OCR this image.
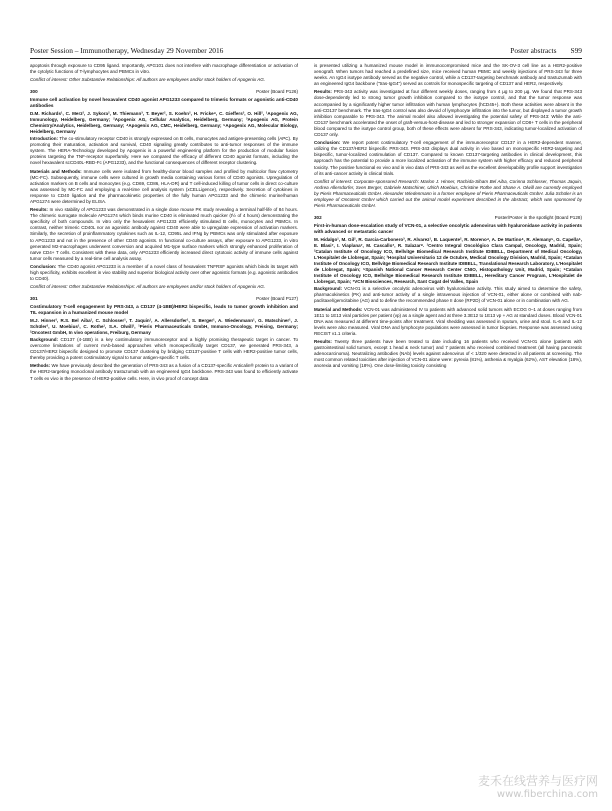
Poster Session – Immunotherapy, Wednesday 29 November 2016	Poster abstracts S99

apoptosis through exposure to CD95 ligand. Importantly, APG101 does not interfere with macrophage differentiation or activation of the cytolytic functions of T-lymphocytes and PBMCs in vitro.

Conflict of interest: Other Substantive Relationships: All authors are employees and/or stock holders of Apogenix AG.

300	Poster (Board P126)

Immune cell activation by novel hexavalent CD40 agonist APG1233 compared to trimeric formats or agonistic anti-CD40 antibodies

D.M. Richards¹, C. Merz², J. Sykora², M. Thiemann³, T. Beyer², S. Koehn², H. Fricke⁴, C. Gieffers³, O. Hill², ¹Apogenix AG, Immunology, Heidelberg, Germany; ²Apogenix AG, Cellular Analytics, Heidelberg, Germany; ³Apogenix AG, Protein Chemistry/Analytics, Heidelberg, Germany; ⁴Apogenix AG, CMC, Heidelberg, Germany; ⁵Apogenix AG, Molecular Biology, Heidelberg, Germany

Introduction: The co-stimulatory receptor CD40 is strongly expressed on B cells, monocytes and antigen-presenting cells (APC). By promoting their maturation, activation and survival, CD40 signaling greatly contributes to anti-tumor responses of the immune system. The HERA-Technology developed by Apogenix is a powerful engineering platform for the production of modular fusion proteins targeting the TNF-receptor superfamily. Here we compared the efficacy of different CD40 agonist formats, including the novel hexavalent scCD40L-RBD-Fc (APG1233), and the functional consequences of different receptor clustering.

Materials and Methods: Immune cells were isolated from healthy-donor blood samples and profiled by multicolor flow cytometry (MC-FC). Subsequently, immune cells were cultured in growth media containing various forms of CD40 agonists. Upregulation of activation markers on B cells and monocytes (e.g. CD69, CD86, HLA-DR) and T cell-induced killing of tumor cells in direct co-culture was assessed by MC-FC and employing a real-time cell analysis system (xCELLigence), respectively. Secretion of cytokines in response to CD40 ligation and the pharmacokinetic properties of the fully human APG1233 and the chimeric murine/human APG1274 were determined by ELISA.

Results: In vivo stability of APG1233 was demonstrated in a single dose mouse PK study revealing a terminal half-life of 84 hours. The chimeric surrogate molecule APG1274 which binds murine CD40 is eliminated much quicker (t½ of 4 hours) demonstrating the specificity of both compounds. In vitro only the hexavalent APG1233 efficiently stimulated B cells, monocytes and PBMCs. In contrast, neither trimeric CD40L nor an agonistic antibody against CD40 were able to upregulate expression of activation markers. Similarly, the secretion of proinflammatory cytokines such as IL-12, CD95L and IFNg by PBMCs was only stimulated after exposure to APG1233 and not in the presence of other CD40 agonists. In functional co-culture assays, after exposure to APG1233, in vitro generated M2-macrophages underwent conversion and acquired M1-type surface markers which strongly enhanced proliferation of naïve CD4+ T cells. Consistent with these data, only APG1233 efficiently increased direct cytotoxic activity of immune cells against tumor cells measured by a real-time cell analysis assay.

Conclusion: The CD40 agonist APG1233 is a member of a novel class of hexavalent TNFRSF agonists which binds its target with high specificity, exhibits excellent in vivo stability and superior biological activity over other agonistic formats (e.g. agonistic antibodies to CD40).

Conflict of interest: Other Substantive Relationships: All authors are employees and/or stock holders of Apogenix AG.

301	Poster (Board P127)

Costimulatory T-cell engagement by PRS-343, a CD137 (4-1BB)/HER2 bispecific, leads to tumor growth inhibition and TIL expansion in a humanized mouse model

M.J. Hinner¹, R.S. Bel Aiba¹, C. Schlosser¹, T. Jaquin¹, A. Allersdorfer¹, S. Berger¹, A. Wiedenmann¹, G. Matschiner¹, J. Schüler², U. Moebius¹, C. Rothe¹, S.A. Olwill¹, ¹Pieris Pharmaceuticals GmbH, Immuno-Oncology, Freising, Germany; ²Oncotest GmbH, In vivo operations, Freiburg, Germany

Background: CD137 (4-1BB) is a key costimulatory immunoreceptor and a highly promising therapeutic target in cancer. To overcome limitations of current mAb-based approaches which monospecifically target CD137, we generated PRS-343, a CD137/HER2 bispecific designed to promote CD137 clustering by bridging CD137-positive T cells with HER2-positive tumor cells, thereby providing a potent costimulatory signal to tumor antigen-specific T cells.

Methods: We have previously described the generation of PRS-343 as a fusion of a CD137-specific Anticalin® protein to a variant of the HER2-targeting monoclonal antibody trastuzumab with an engineered IgG4 backbone. PRS-343 was found to efficiently activate T cells ex vivo in the presence of HER2-positive cells. Here, in vivo proof of concept data

is presented utilizing a humanized mouse model in immunocompromised mice and the SK-OV-3 cell line as a HER2-positive xenograft. When tumors had reached a predefined size, mice received human PBMC and weekly injections of PRS-343 for three weeks. An IgG4 isotype antibody served as the negative control, while a CD137-targeting benchmark antibody and trastuzumab with an engineered IgG4 backbone ("tras-IgG4") served as controls for monospecific targeting of CD137 and HER2, respectively.

Results: PRS-343 activity was investigated at four different weekly doses, ranging from 4 µg to 200 µg. We found that PRS-343 dose-dependently led to strong tumor growth inhibition compared to the isotype control, and that the tumor response was accompanied by a significantly higher tumor infiltration with human lymphocytes (hCD45+). Both these activities were absent in the anti-CD137 benchmark. The tras-IgG4 control was also devoid of lymphocyte infiltration into the tumor, but displayed a tumor growth inhibition comparable to PRS-343. The animal model also allowed investigating the potential safety of PRS-343: While the anti-CD137 benchmark accelerated the onset of graft-versus-host-disease and led to stronger expansion of CD8+ T cells in the peripheral blood compared to the isotype control group, both of these effects were absent for PRS-343, indicating tumor-localized activation of CD137 only.

Conclusion: We report potent costimulatory T-cell engagement of the immunoreceptor CD137 in a HER2-dependent manner, utilizing the CD137/HER2 bispecific PRS-343. PRS-343 displays dual activity in vivo based on monospecific HER2-targeting and bispecific, tumor-localized costimulation of CD137. Compared to known CD137-targeting antibodies in clinical development, this approach has the potential to provide a more localized activation of the immune system with higher efficacy and reduced peripheral toxicity. The positive functional ex vivo and in vivo data of PRS-343 as well as the excellent developability profile support investigation of its anti-cancer activity in clinical trials.

Conflict of interest: Corporate-sponsored Research: Marlon J. Hinner, Rachida-Siham Bel Aiba, Corinna Schlosser, Thomas Jaquin, Andrea Allersdorfer, Sven Berger, Gabriele Matschiner, Ulrich Moebius, Christine Rothe and Shane A. Olwill are currently employed by Pieris Pharmaceuticals GmbH. Alexander Wiedenmann is a former employee of Pieris Pharmaceuticals GmbH. Julia Schüler is an employee of Oncotest GmbH which carried out the animal model experiment described in the abstract, which was sponsored by Pieris Pharmaceuticals GmbH.

302	Poster/Poster in the spotlight (Board P128)

First-in-human dose-escalation study of VCN-01, a selective oncolytic adenovirus with hyaluronidase activity in patients with advanced or metastatic cancer

M. Hidalgo¹, M. Gil², R. Garcia-Carbonero³, R. Alvarez¹, B. Laquente², R. Moreno⁴, A. De Martino⁴, R. Alemany⁵, G. Capella⁵, E. Blasi⁷, I. Viaplana⁷, M. Cascallo⁷, R. Salazar⁸. ¹Centro Integral Oncológico Clara Campal, Oncology, Madrid, Spain; ²Catalan Institute of Oncology ICO, Bellvitge Biomedical Research Institute IDIBELL, Department of Medical Oncology, L'Hospitalet de Llobregat, Spain; ³Hospital Universitario 12 de Octubre, Medical Oncology Division, Madrid, Spain; ⁴Catalan Institute of Oncology ICO, Bellvitge Biomedical Research Institute IDIBELL, Translational Research Laboratory, L'Hospitalet de Llobregat, Spain; ⁵Spanish National Cancer Research Center CNIO, Histopathology Unit, Madrid, Spain; ⁶Catalan Institute of Oncology ICO, Bellvitge Biomedical Research Institute IDIBELL, Hereditary Cancer Program, L'Hospitalet de Llobregat, Spain; ⁷VCN Biosciences, Research, Sant Cugat del Valles, Spain

Background: VCN-01 is a selective oncolytic adenovirus with hyaluronidase activity. This study aimed to determine the safety, pharmacokinetics (PK) and anti-tumor activity of a single intravenous injection of VCN-01, either alone or combined with nab-paclitaxel/gemcitabine (AG) and to define the recommended phase II dose (RP2D) of VCN-01 alone or in combination with AG.

Material and Methods: VCN-01 was administered IV to patients with advanced solid tumors with ECOG 0–1 at doses ranging from 1E11 to 1E13 viral particles per patient (vp) as a single agent and at three 3.3E12 to 1E13 vp + AG at standard doses. Blood VCN-01 DNA was measured at different time-points after treatment. Viral shedding was assessed in sputum, urine and stool. IL-6 and IL-12 levels were also measured. Viral DNA and lymphocyte populations were assessed in tumor biopsies. Response was assessed using RECIST v1.1 criteria.

Results: Twenty three patients have been treated to date including 16 patients who received VCN-01 alone (patients with gastrointestinal solid tumors, except 1 head & neck tumor) and 7 patients who received combined treatment (all having pancreatic adenocarcinoma). Neutralizing antibodies (NAb) levels against adenovirus of < 1/320 were detected in all patients at screening. The most common related toxicities after injection of VCN-01 alone were: pyrexia (81%), asthenia & myalgia (62%), AST elevation (18%), anorexia and vomiting (18%). One dose-limiting toxicity consisting

麦禾在线营养与医疗网
www.fiberchina.com
